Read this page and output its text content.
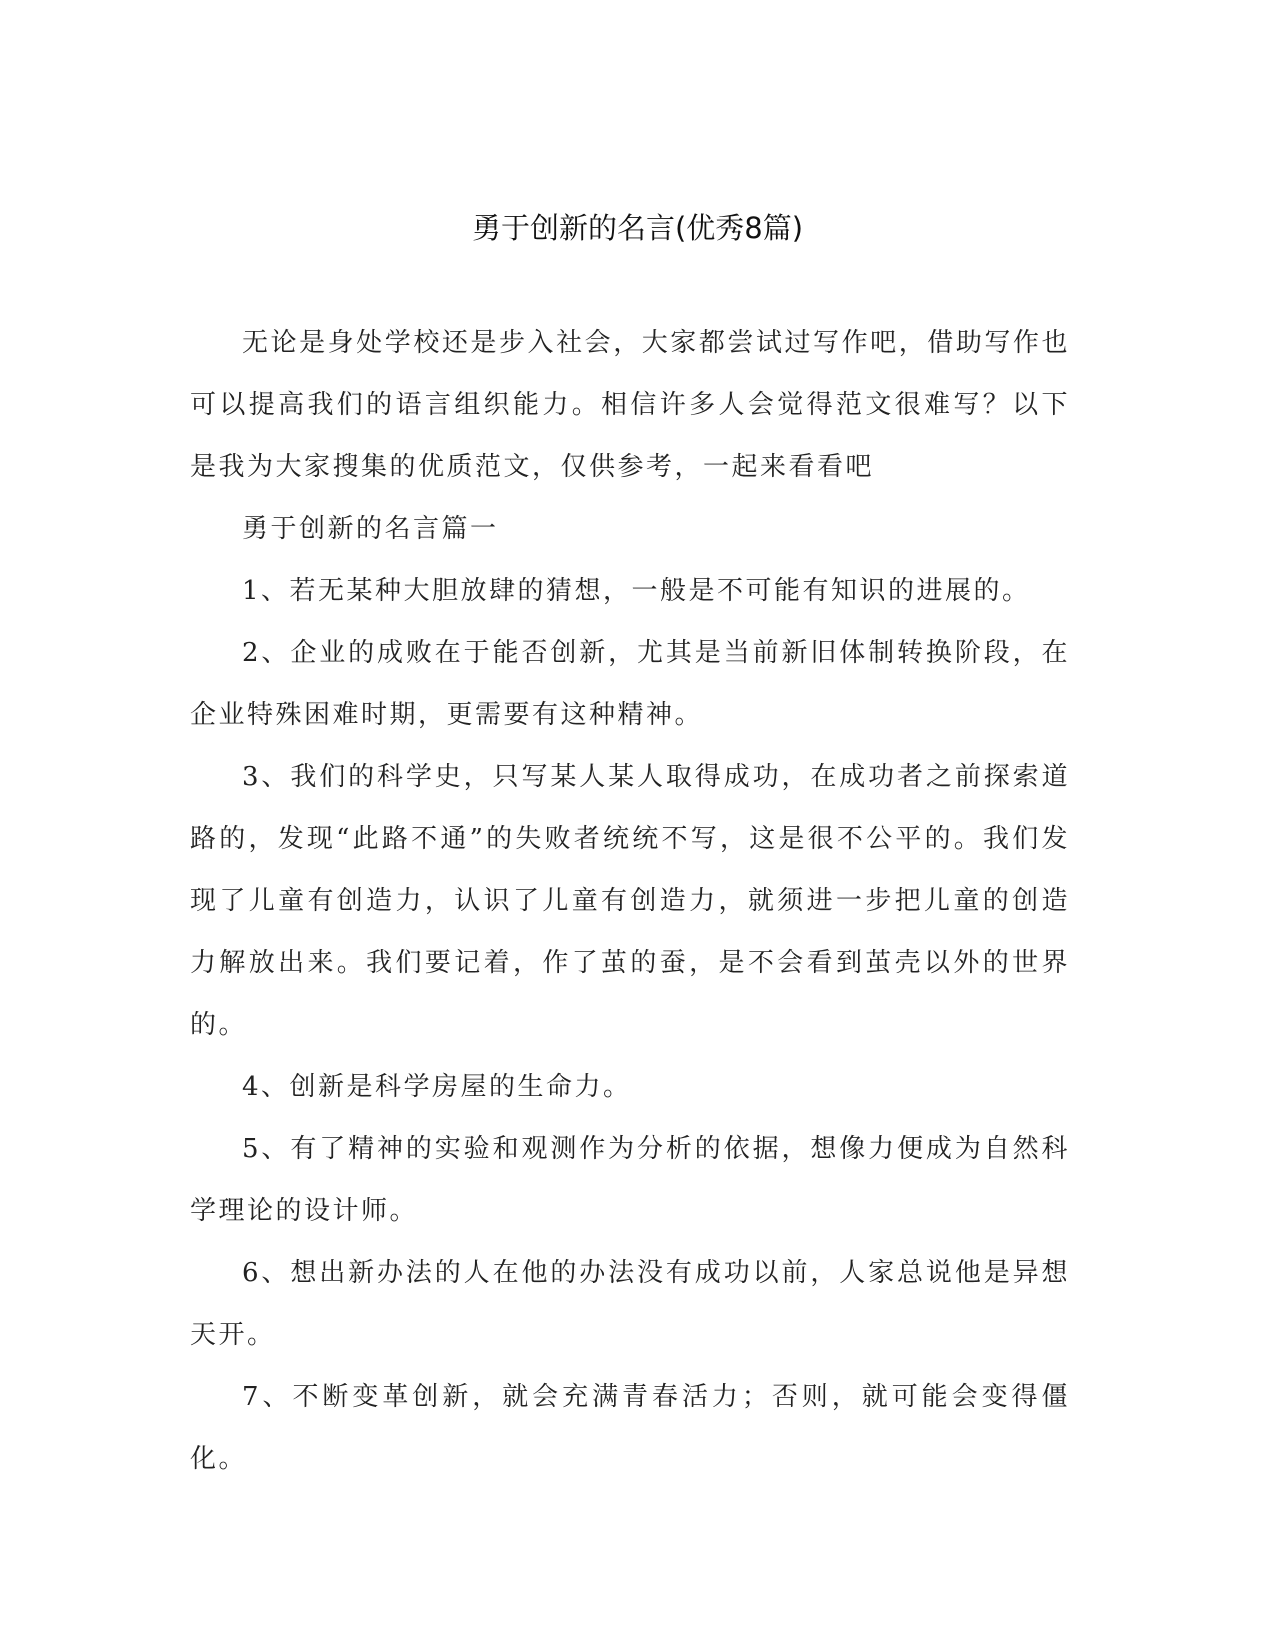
勇于创新的名言(优秀8篇)

无论是身处学校还是步入社会，大家都尝试过写作吧，借助写作也可以提高我们的语言组织能力。相信许多人会觉得范文很难写？以下是我为大家搜集的优质范文，仅供参考，一起来看看吧

勇于创新的名言篇一

1、若无某种大胆放肆的猜想，一般是不可能有知识的进展的。

2、企业的成败在于能否创新，尤其是当前新旧体制转换阶段，在企业特殊困难时期，更需要有这种精神。

3、我们的科学史，只写某人某人取得成功，在成功者之前探索道路的，发现“此路不通”的失败者统统不写，这是很不公平的。我们发现了儿童有创造力，认识了儿童有创造力，就须进一步把儿童的创造力解放出来。我们要记着，作了茧的蚕，是不会看到茧壳以外的世界的。

4、创新是科学房屋的生命力。

5、有了精神的实验和观测作为分析的依据，想像力便成为自然科学理论的设计师。

6、想出新办法的人在他的办法没有成功以前，人家总说他是异想天开。

7、不断变革创新，就会充满青春活力；否则，就可能会变得僵化。
